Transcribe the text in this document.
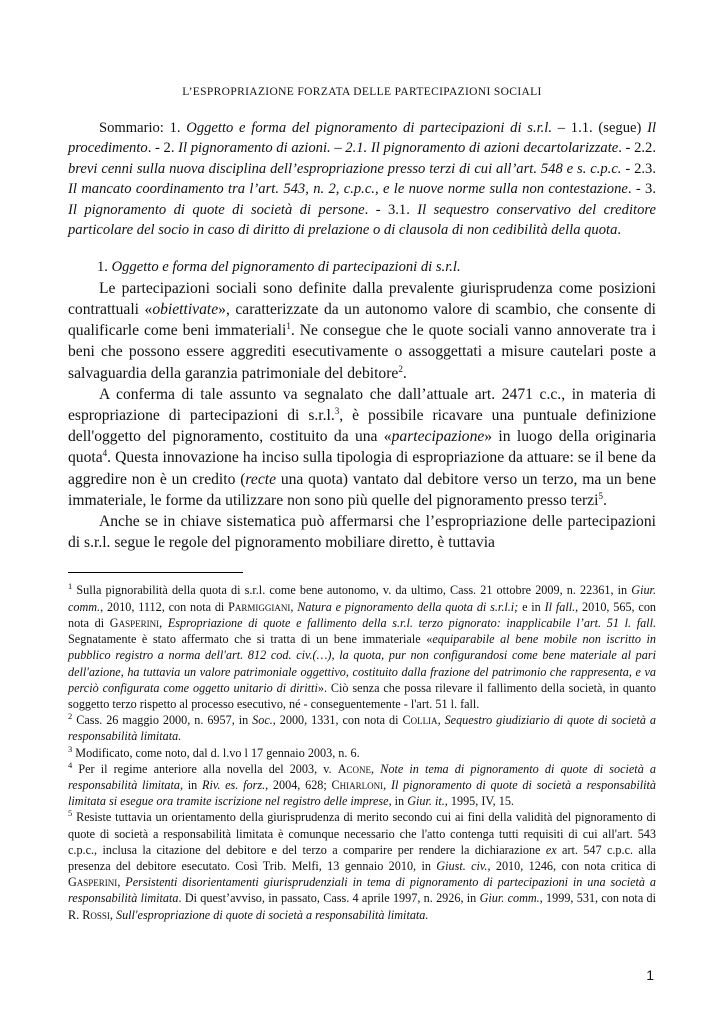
L’ESPROPRIAZIONE FORZATA DELLE PARTECIPAZIONI SOCIALI

Sommario: 1. Oggetto e forma del pignoramento di partecipazioni di s.r.l. – 1.1. (segue) Il procedimento. - 2. Il pignoramento di azioni. – 2.1. Il pignoramento di azioni decartolarizzate. - 2.2. brevi cenni sulla nuova disciplina dell’espropriazione presso terzi di cui all’art. 548 e s. c.p.c. - 2.3. Il mancato coordinamento tra l’art. 543, n. 2, c.p.c., e le nuove norme sulla non contestazione. - 3. Il pignoramento di quote di società di persone. - 3.1. Il sequestro conservativo del creditore particolare del socio in caso di diritto di prelazione o di clausola di non cedibilità della quota.

1. Oggetto e forma del pignoramento di partecipazioni di s.r.l.

Le partecipazioni sociali sono definite dalla prevalente giurisprudenza come posizioni contrattuali «obiettivate», caratterizzate da un autonomo valore di scambio, che consente di qualificarle come beni immateriali$^1$. Ne consegue che le quote sociali vanno annoverate tra i beni che possono essere aggrediti esecutivamente o assoggettati a misure cautelari poste a salvaguardia della garanzia patrimoniale del debitore$^2$.

A conferma di tale assunto va segnalato che dall’attuale art. 2471 c.c., in materia di espropriazione di partecipazioni di s.r.l.$^3$, è possibile ricavare una puntuale definizione dell'oggetto del pignoramento, costituito da una «partecipazione» in luogo della originaria quota$^4$. Questa innovazione ha inciso sulla tipologia di espropriazione da attuare: se il bene da aggredire non è un credito (recte una quota) vantato dal debitore verso un terzo, ma un bene immateriale, le forme da utilizzare non sono più quelle del pignoramento presso terzi$^5$.

Anche se in chiave sistematica può affermarsi che l’espropriazione delle partecipazioni di s.r.l. segue le regole del pignoramento mobiliare diretto, è tuttavia

$^1$ Sulla pignorabilità della quota di s.r.l. come bene autonomo, v. da ultimo, Cass. 21 ottobre 2009, n. 22361, in Giur. comm., 2010, 1112, con nota di Parmiggiani, Natura e pignoramento della quota di s.r.l.i; e in Il fall., 2010, 565, con nota di Gasperini, Espropriazione di quote e fallimento della s.r.l. terzo pignorato: inapplicabile l’art. 51 l. fall. Segnatamente è stato affermato che si tratta di un bene immateriale «equiparabile al bene mobile non iscritto in pubblico registro a norma dell'art. 812 cod. civ.(…), la quota, pur non configurandosi come bene materiale al pari dell'azione, ha tuttavia un valore patrimoniale oggettivo, costituito dalla frazione del patrimonio che rappresenta, e va perciò configurata come oggetto unitario di diritti». Ciò senza che possa rilevare il fallimento della società, in quanto soggetto terzo rispetto al processo esecutivo, né - conseguentemente - l'art. 51 l. fall.

$^2$ Cass. 26 maggio 2000, n. 6957, in Soc., 2000, 1331, con nota di Collia, Sequestro giudiziario di quote di società a responsabilità limitata.

$^3$ Modificato, come noto, dal d. l.vo l 17 gennaio 2003, n. 6.

$^4$ Per il regime anteriore alla novella del 2003, v. Acone, Note in tema di pignoramento di quote di società a responsabilità limitata, in Riv. es. forz., 2004, 628; Chiarloni, Il pignoramento di quote di società a responsabilità limitata si esegue ora tramite iscrizione nel registro delle imprese, in Giur. it., 1995, IV, 15.

$^5$ Resiste tuttavia un orientamento della giurisprudenza di merito secondo cui ai fini della validità del pignoramento di quote di società a responsabilità limitata è comunque necessario che l'atto contenga tutti requisiti di cui all'art. 543 c.p.c., inclusa la citazione del debitore e del terzo a comparire per rendere la dichiarazione ex art. 547 c.p.c. alla presenza del debitore esecutato. Così Trib. Melfi, 13 gennaio 2010, in Giust. civ., 2010, 1246, con nota critica di Gasperini, Persistenti disorientamenti giurisprudenziali in tema di pignoramento di partecipazioni in una società a responsabilità limitata. Di quest’avviso, in passato, Cass. 4 aprile 1997, n. 2926, in Giur. comm., 1999, 531, con nota di R. Rossi, Sull'espropriazione di quote di società a responsabilità limitata.

1
